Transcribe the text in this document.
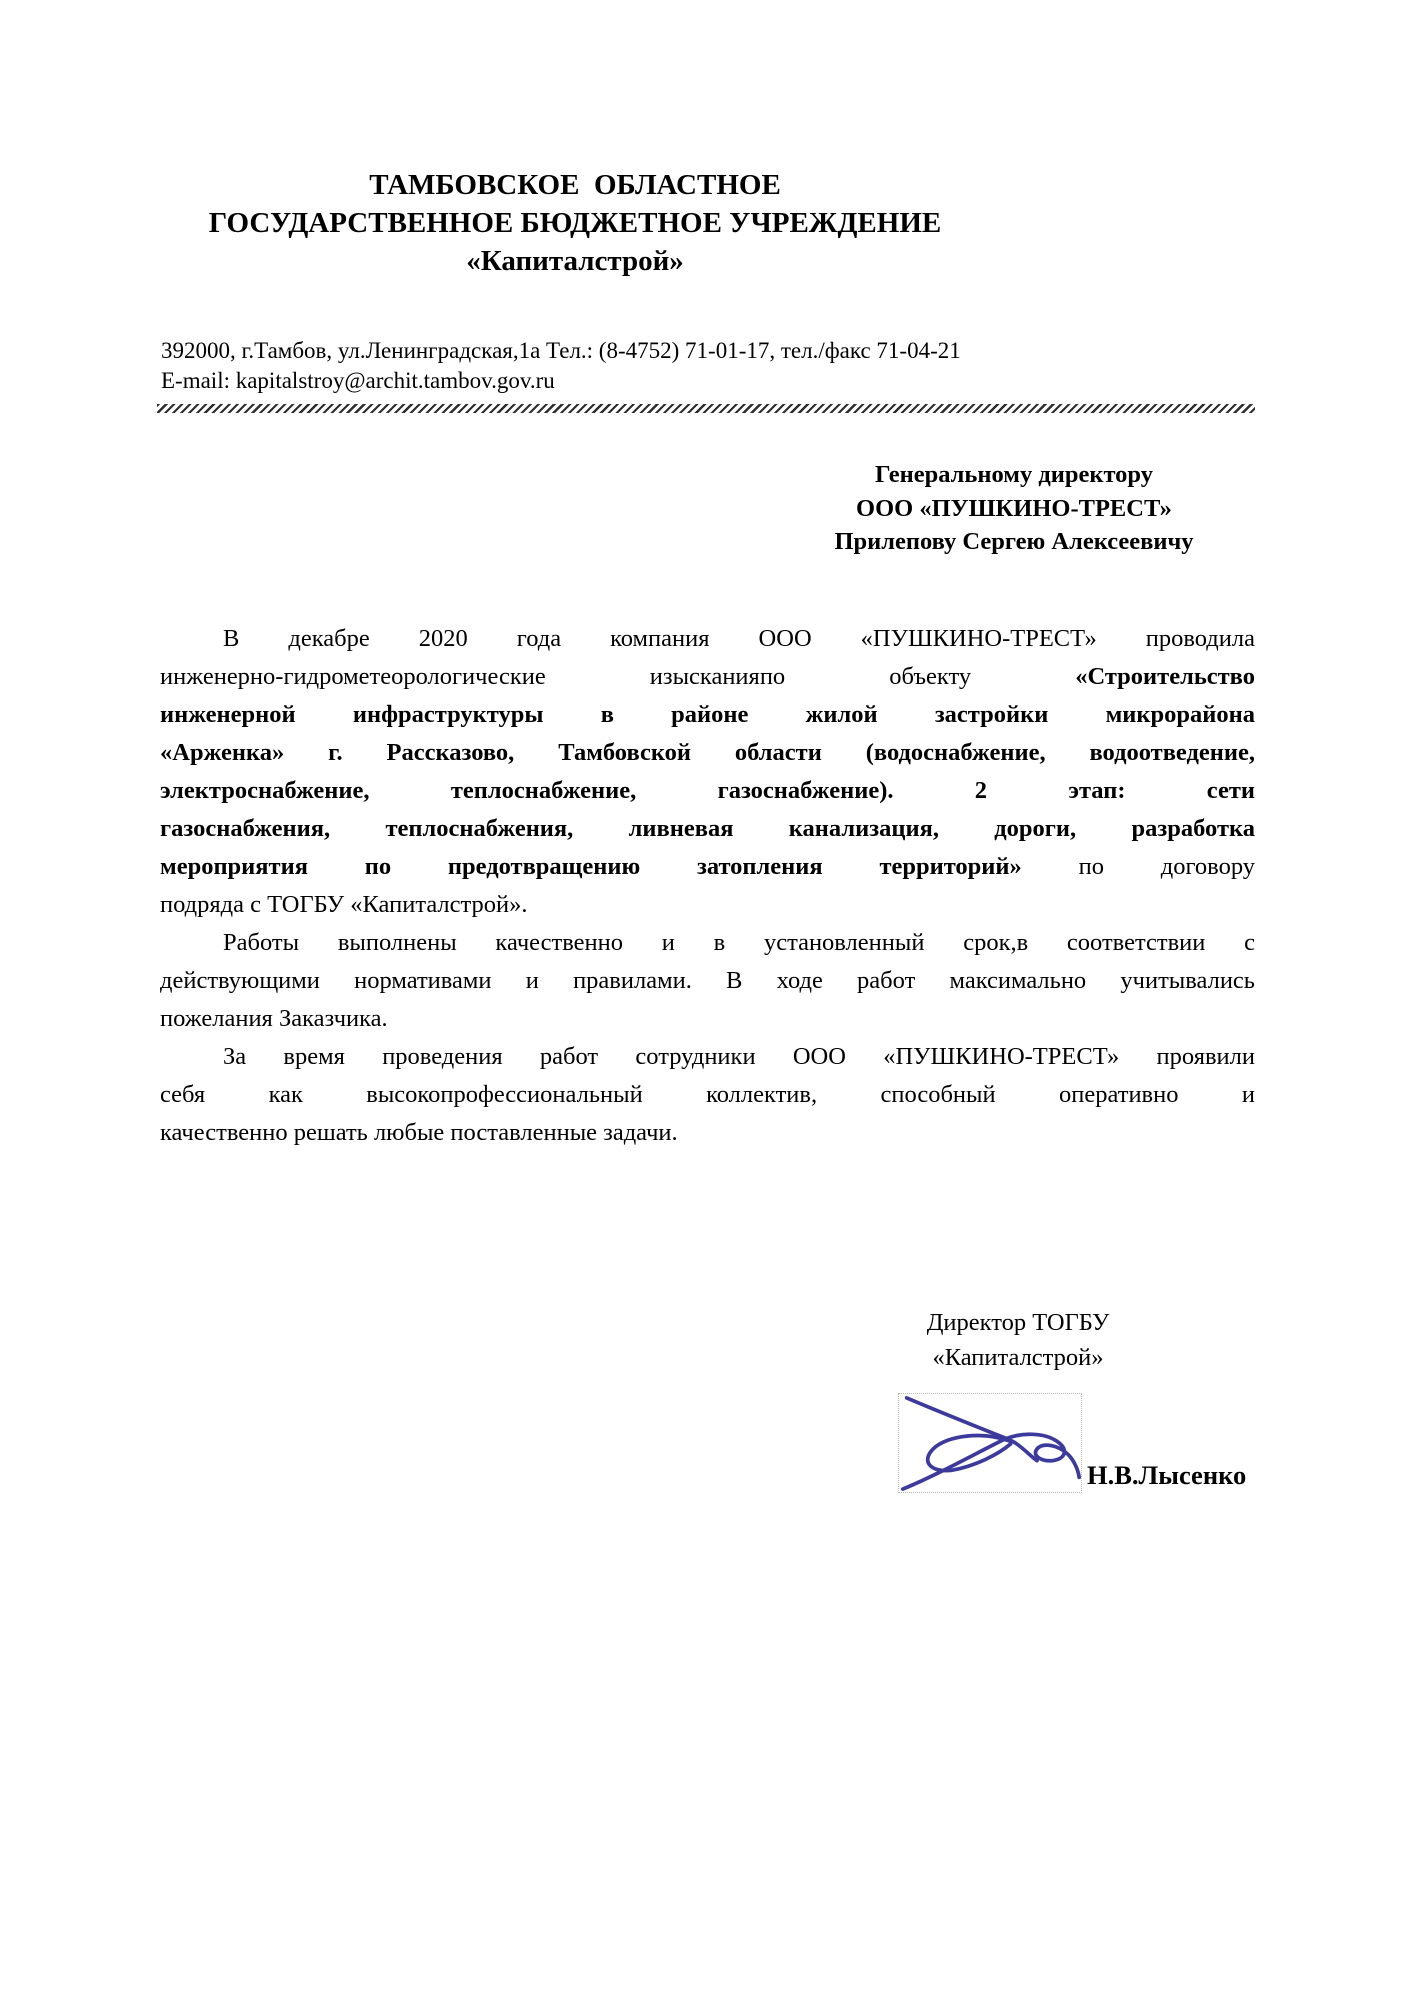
ТАМБОВСКОЕ  ОБЛАСТНОЕ
ГОСУДАРСТВЕННОЕ БЮДЖЕТНОЕ УЧРЕЖДЕНИЕ
«Капиталстрой»
392000, г.Тамбов, ул.Ленинградская,1а Тел.: (8-4752) 71-01-17, тел./факс 71-04-21
E-mail: kapitalstroy@archit.tambov.gov.ru
Генеральному директору
ООО «ПУШКИНО-ТРЕСТ»
Прилепову Сергею Алексеевичу
В декабре 2020 года компания ООО «ПУШКИНО-ТРЕСТ» проводила
инженерно-гидрометеорологические изысканияпо объекту «Строительство
инженерной инфраструктуры в районе жилой застройки микрорайона
«Арженка» г. Рассказово, Тамбовской области (водоснабжение, водоотведение,
электроснабжение, теплоснабжение, газоснабжение). 2 этап: сети
газоснабжения, теплоснабжения, ливневая канализация, дороги, разработка
мероприятия по предотвращению затопления территорий» по договору
подряда с ТОГБУ «Капиталстрой».
Работы выполнены качественно и в установленный срок,в соответствии с
действующими нормативами и правилами. В ходе работ максимально учитывались
пожелания Заказчика.
За время проведения работ сотрудники ООО «ПУШКИНО-ТРЕСТ» проявили
себя как высокопрофессиональный коллектив, способный оперативно и
качественно решать любые поставленные задачи.
Директор ТОГБУ
«Капиталстрой»
Н.В.Лысенко
